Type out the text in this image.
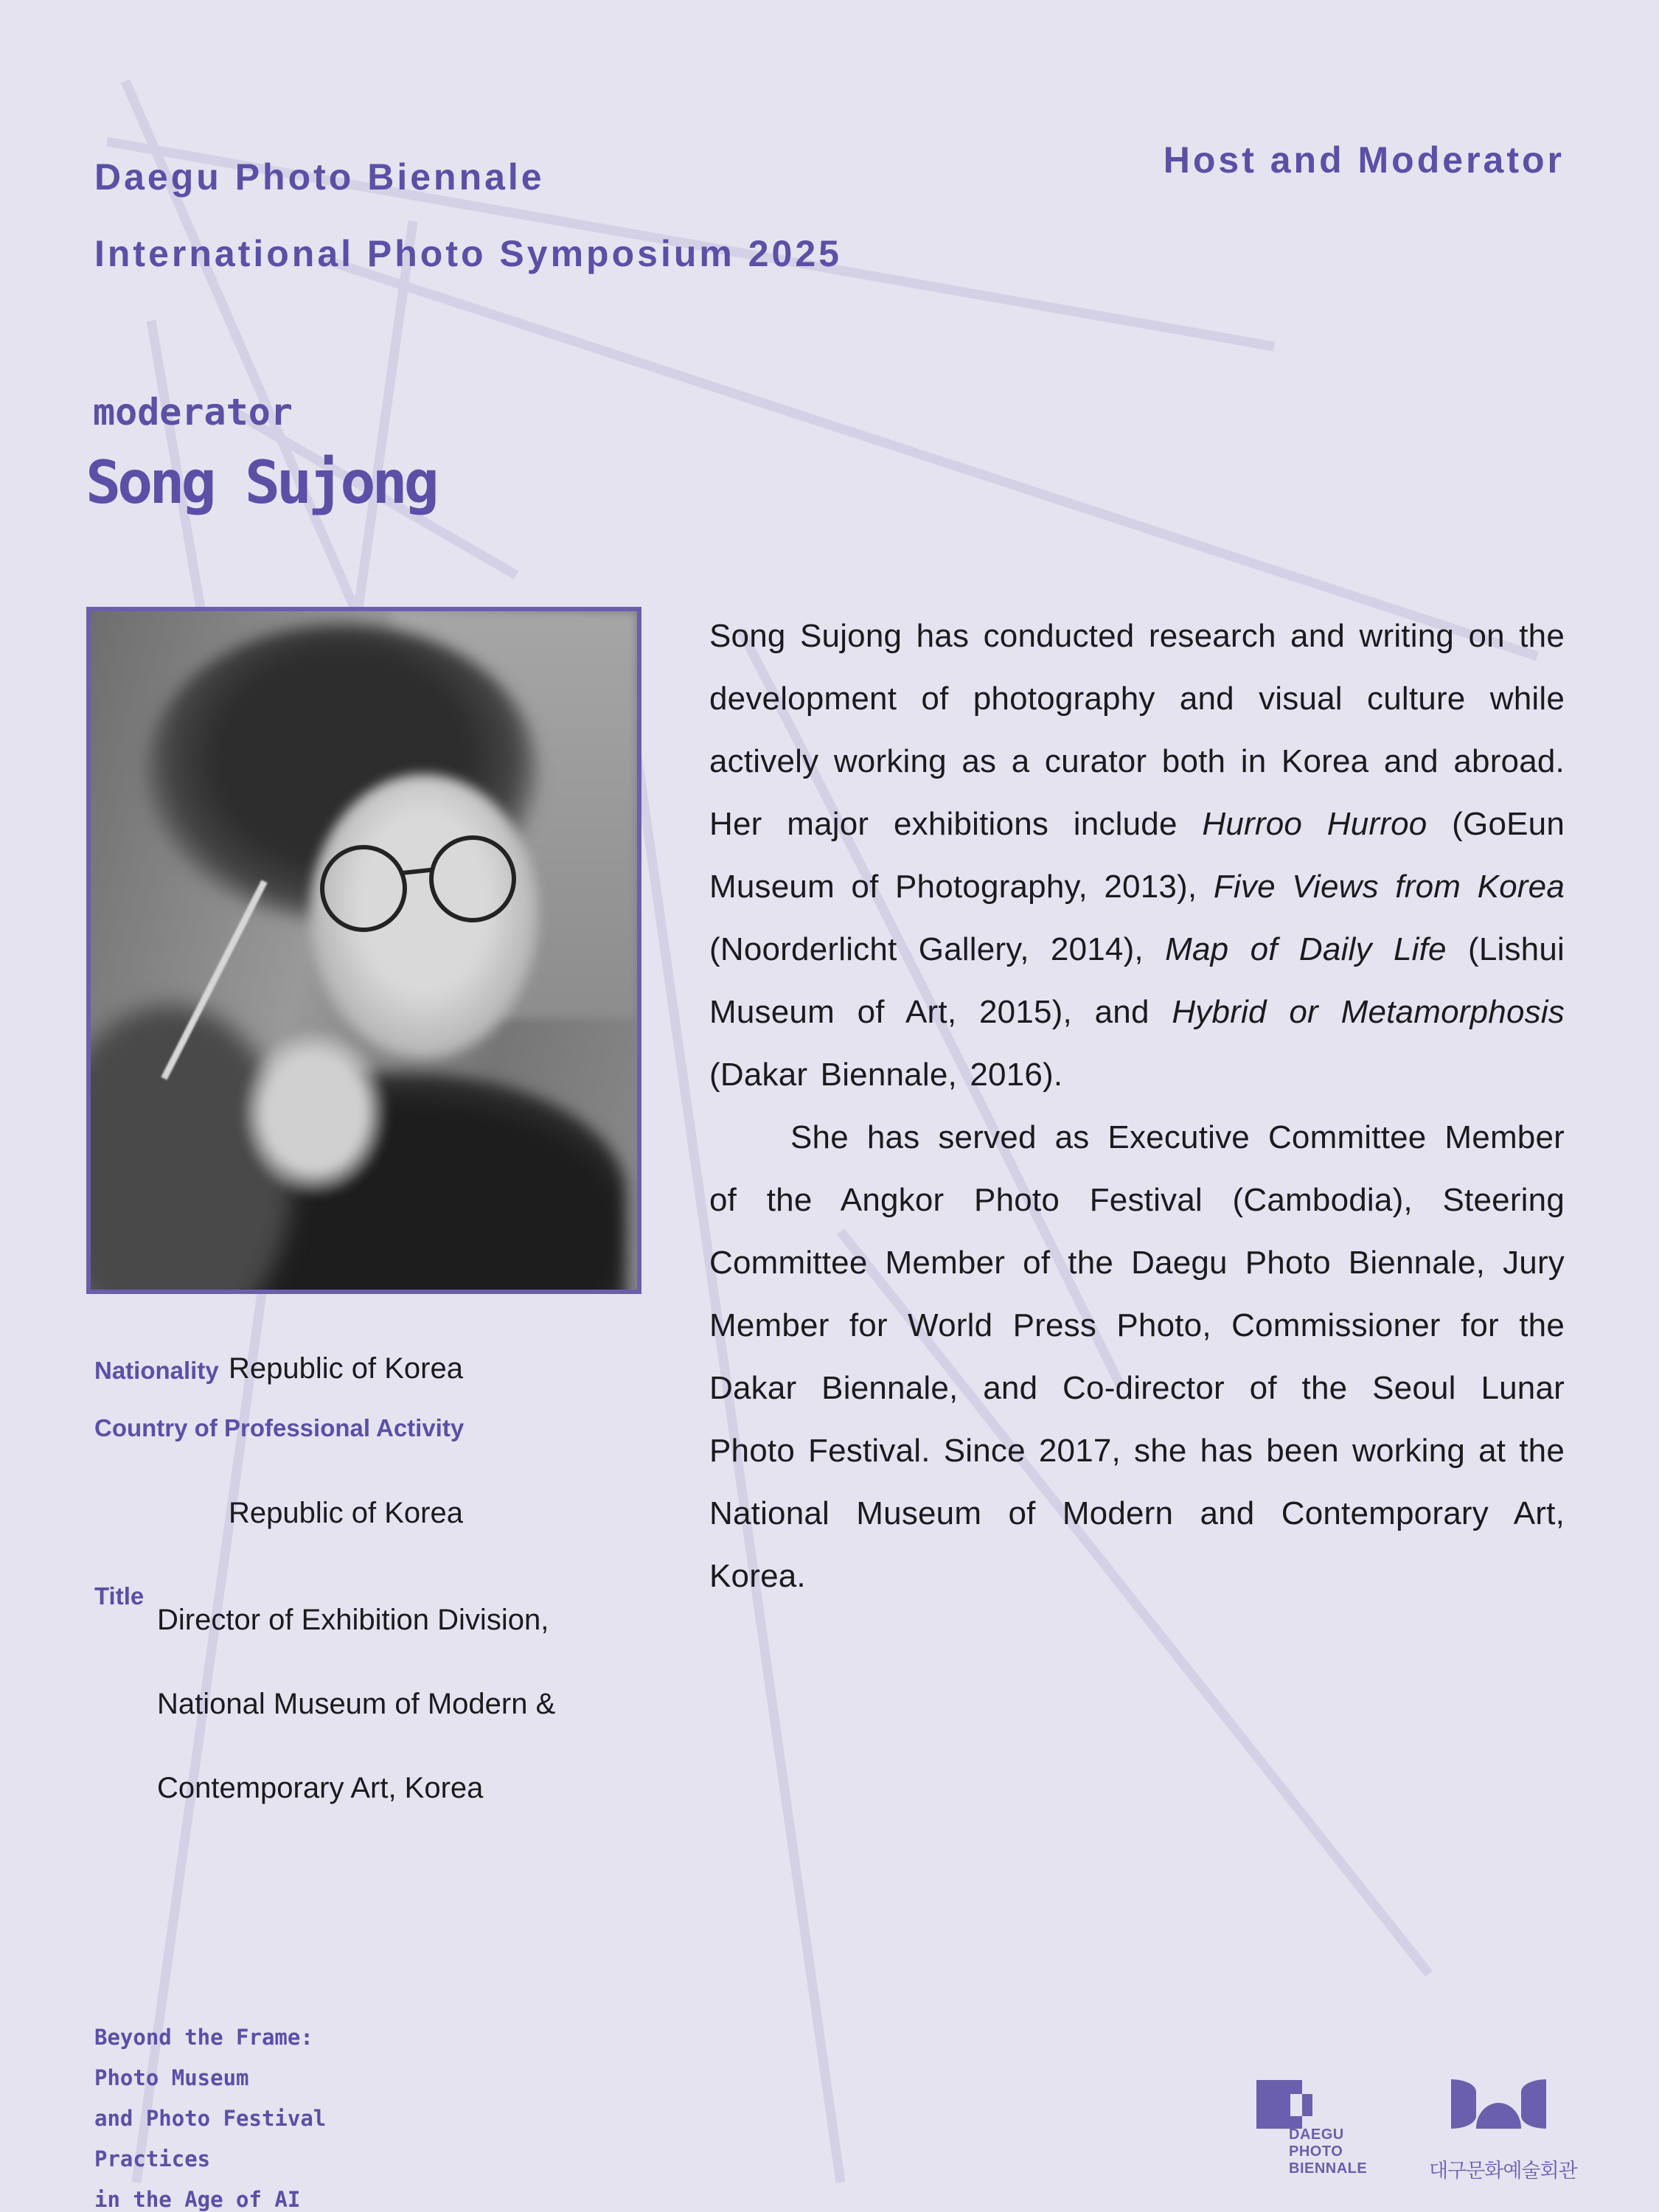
Daegu Photo Biennale
International Photo Symposium 2025
Host and Moderator
moderator
Song Sujong

Song Sujong has conducted research and writing on the development of photography and visual culture while actively working as a curator both in Korea and abroad. Her major exhibitions include Hurroo Hurroo (GoEun Museum of Photography, 2013), Five Views from Korea (Noorderlicht Gallery, 2014), Map of Daily Life (Lishui Museum of Art, 2015), and Hybrid or Metamorphosis (Dakar Biennale, 2016).

She has served as Executive Committee Member of the Angkor Photo Festival (Cambodia), Steering Committee Member of the Daegu Photo Biennale, Jury Member for World Press Photo, Commissioner for the Dakar Biennale, and Co-director of the Seoul Lunar Photo Festival. Since 2017, she has been working at the National Museum of Modern and Contemporary Art, Korea.

Nationality Republic of Korea
Country of Professional Activity
Republic of Korea
Title
Director of Exhibition Division,
National Museum of Modern &
Contemporary Art, Korea
Beyond the Frame:
Photo Museum
and Photo Festival
Practices
in the Age of AI
DAEGU
PHOTO
BIENNALE	대구문화예술회관
